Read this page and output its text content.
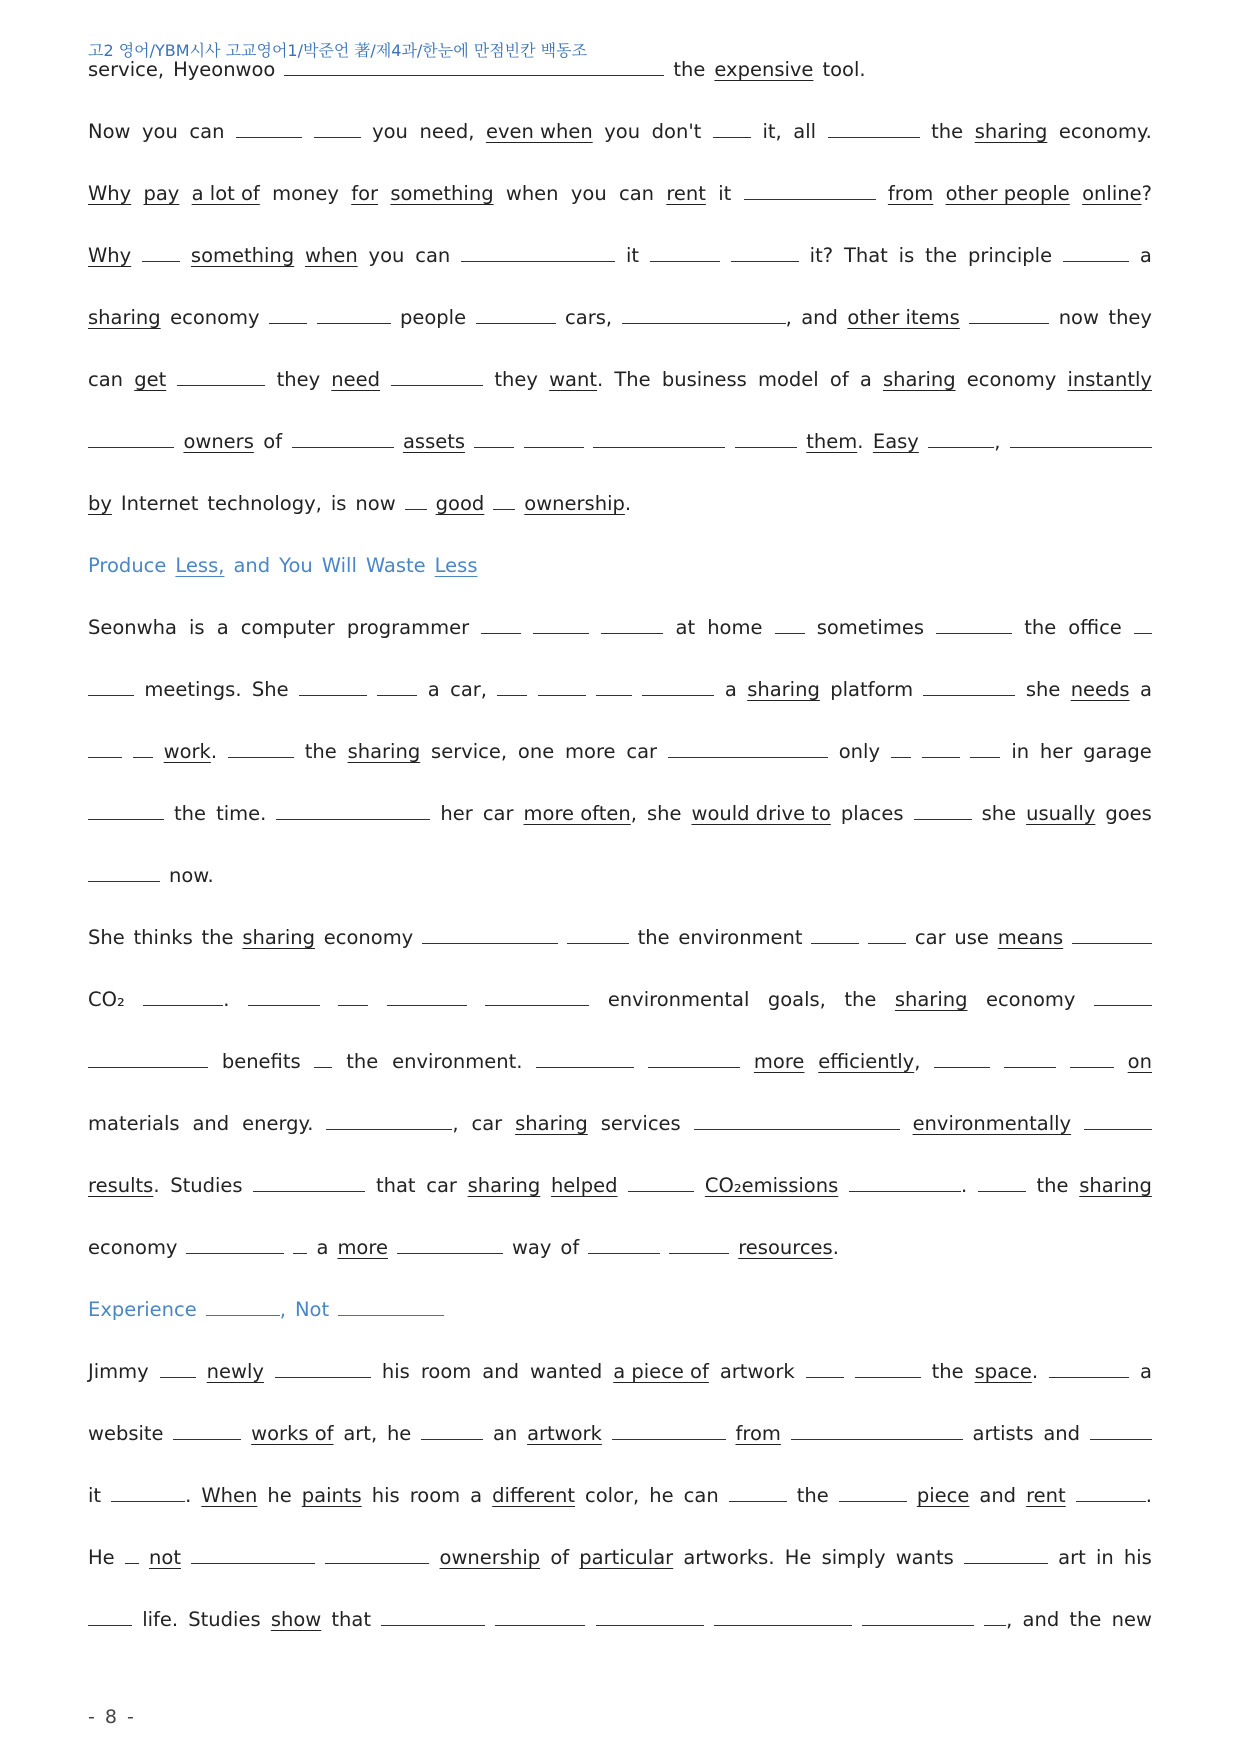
고2 영어/YBM시사 고교영어1/박준언 著/제4과/한눈에 만점빈칸 백동조
service, Hyeonwoo	the expensive tool.
Now you can	you need, even when you don't	it, all	the sharing economy.
Why pay a lot of money for something when you can rent it	from other people online?
Why	something when you can	it	it? That is the principle	a
sharing economy	people	cars,	, and other items	now they
can get	they need	they want. The business model of a sharing economy instantly
owners of	assets	them. Easy	,
by Internet technology, is now good ownership.
Produce Less, and You Will Waste Less
Seonwha is a computer programmer	at home	sometimes	the office
meetings. She	a car,	a sharing platform	she needs a
work.	the sharing service, one more car	only	in her garage
the time.	her car more often, she would drive to places	she usually goes
now.
She thinks the sharing economy	the environment	car use means
CO₂	.	environmental goals, the sharing economy
benefits the environment.	more efficiently,	on
materials and energy.	, car sharing services	environmentally
results. Studies	that car sharing helped	CO₂emissions	.	the sharing
economy	a more	way of	resources.
Experience	, Not
Jimmy	newly	his room and wanted a piece of artwork	the space.	a
website	works of art, he	an artwork	from	artists and
it	. When he paints his room a different color, he can	the	piece and rent	.
He not	ownership of particular artworks. He simply wants	art in his
life. Studies show that	, and the new
- 8 -
